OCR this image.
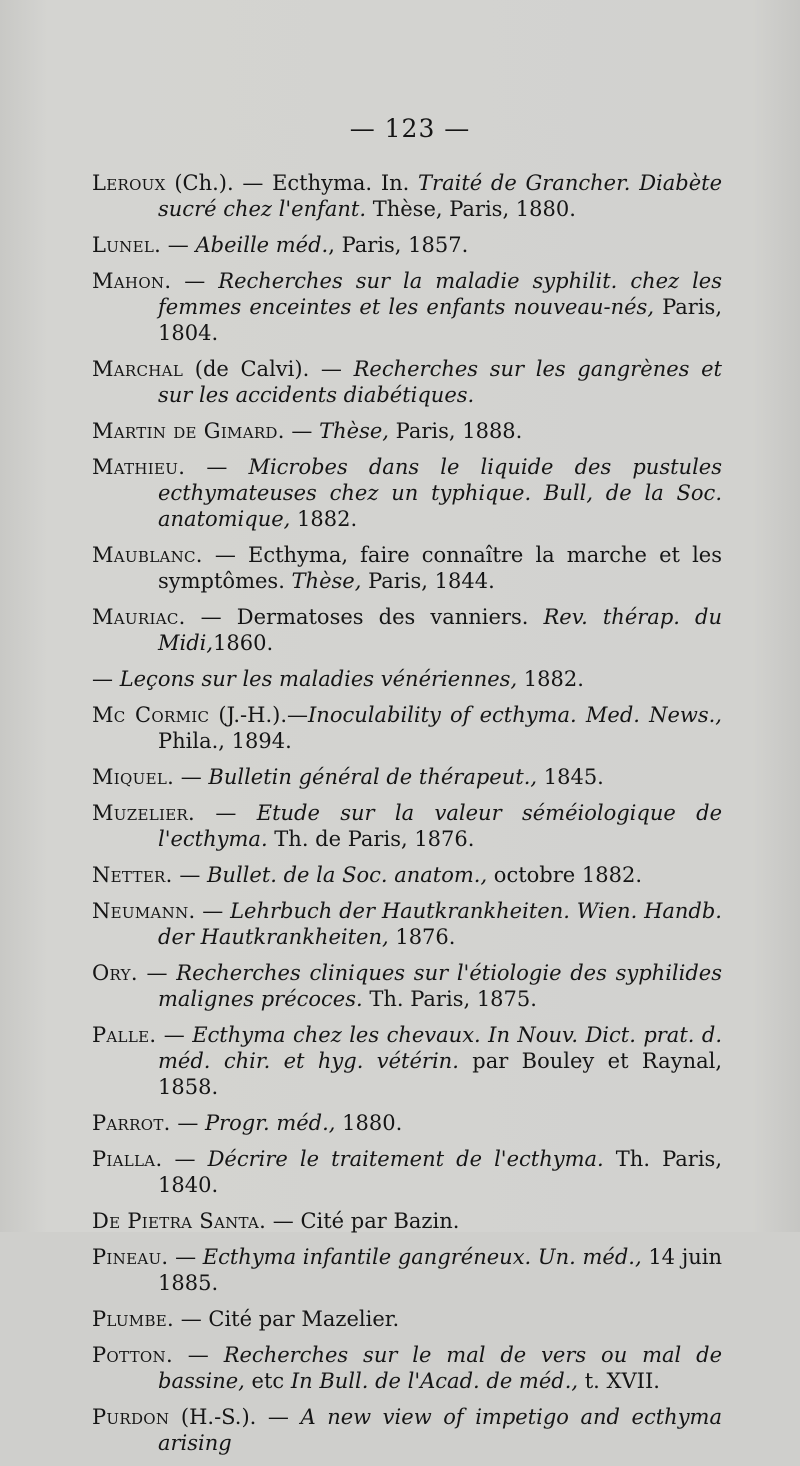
— 123 —

Leroux (Ch.). — Ecthyma. In. Traité de Grancher. Diabète sucré chez l'enfant. Thèse, Paris, 1880.

Lunel. — Abeille méd., Paris, 1857.

Mahon. — Recherches sur la maladie syphilit. chez les femmes enceintes et les enfants nouveau-nés, Paris, 1804.

Marchal (de Calvi). — Recherches sur les gangrènes et sur les accidents diabétiques.

Martin de Gimard. — Thèse, Paris, 1888.

Mathieu. — Microbes dans le liquide des pustules ecthymateuses chez un typhique. Bull, de la Soc. anatomique, 1882.

Maublanc. — Ecthyma, faire connaître la marche et les symptômes. Thèse, Paris, 1844.

Mauriac. — Dermatoses des vanniers. Rev. thérap. du Midi,1860.

— Leçons sur les maladies vénériennes, 1882.

Mc Cormic (J.-H.).—Inoculability of ecthyma. Med. News., Phila., 1894.

Miquel. — Bulletin général de thérapeut., 1845.

Muzelier. — Etude sur la valeur séméiologique de l'ecthyma. Th. de Paris, 1876.

Netter. — Bullet. de la Soc. anatom., octobre 1882.

Neumann. — Lehrbuch der Hautkrankheiten. Wien. Handb. der Hautkrankheiten, 1876.

Ory. — Recherches cliniques sur l'étiologie des syphilides malignes précoces. Th. Paris, 1875.

Palle. — Ecthyma chez les chevaux. In Nouv. Dict. prat. d. méd. chir. et hyg. vétérin. par Bouley et Raynal, 1858.

Parrot. — Progr. méd., 1880.

Pialla. — Décrire le traitement de l'ecthyma. Th. Paris, 1840.

De Pietra Santa. — Cité par Bazin.

Pineau. — Ecthyma infantile gangréneux. Un. méd., 14 juin 1885.

Plumbe. — Cité par Mazelier.

Potton. — Recherches sur le mal de vers ou mal de bassine, etc In Bull. de l'Acad. de méd., t. XVII.

Purdon (H.-S.). — A new view of impetigo and ecthyma arising
